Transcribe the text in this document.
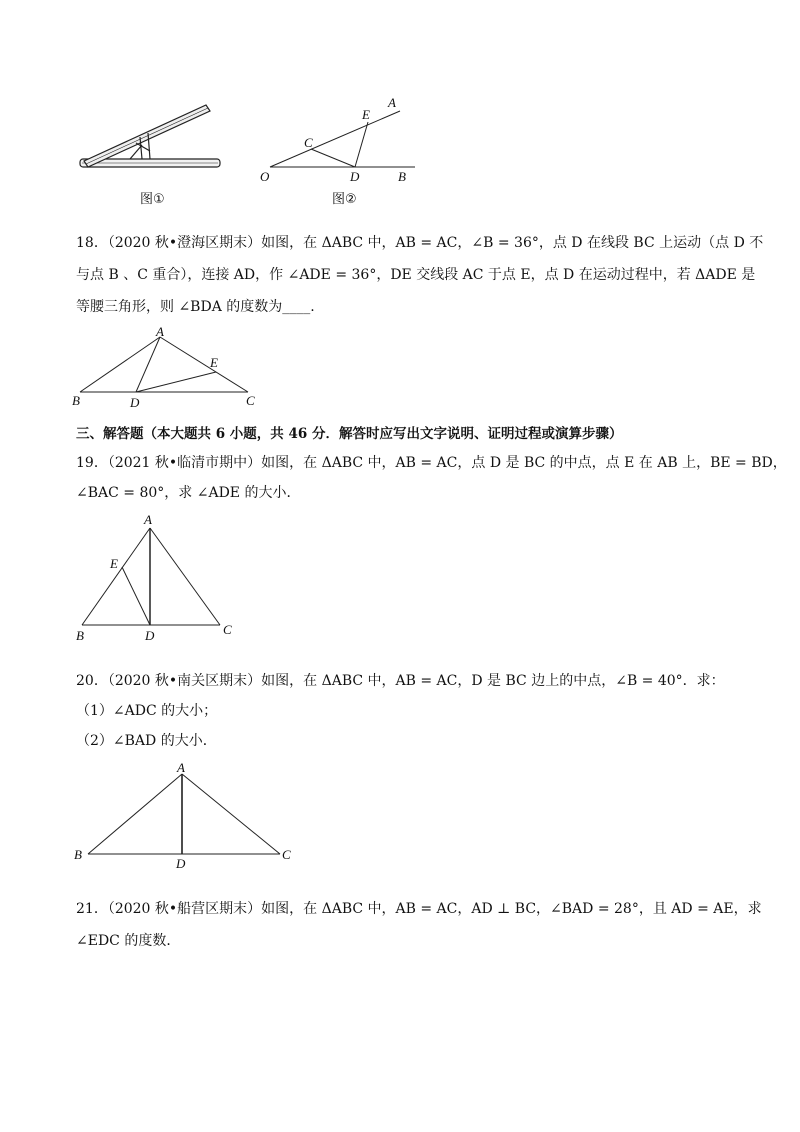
图①
A
E
C
O	D	B
图②
18．（2020 秋•澄海区期末）如图，在 ΔABC 中，AB = AC，∠B = 36°，点 D 在线段 BC 上运动（点 D 不
与点 B 、C 重合），连接 AD，作 ∠ADE = 36°，DE 交线段 AC 于点 E，点 D 在运动过程中，若 ΔADE 是
等腰三角形，则 ∠BDA 的度数为____.
A
E
B	D	C
三、解答题（本大题共 6 小题，共 46 分．解答时应写出文字说明、证明过程或演算步骤）
19．（2021 秋•临清市期中）如图，在 ΔABC 中，AB = AC，点 D 是 BC 的中点，点 E 在 AB 上，BE = BD，
∠BAC = 80°，求 ∠ADE 的大小．
A
E
B	D	C
20．（2020 秋•南关区期末）如图，在 ΔABC 中，AB = AC，D 是 BC 边上的中点，∠B = 40°．求：
（1）∠ADC 的大小；
（2）∠BAD 的大小．
A
B
D
C
21．（2020 秋•船营区期末）如图，在 ΔABC 中，AB = AC，AD ⊥ BC，∠BAD = 28°，且 AD = AE，求
∠EDC 的度数．
